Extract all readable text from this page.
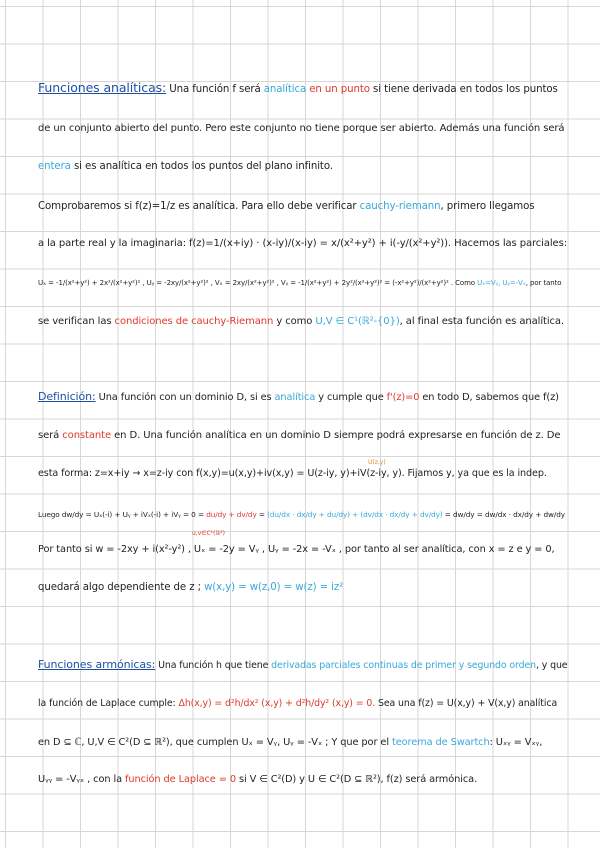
Funciones analíticas: Una función f será analítica en un punto si tiene derivada en todos los puntos
de un conjunto abierto del punto. Pero este conjunto no tiene porque ser abierto. Además una función será
entera si es analítica en todos los puntos del plano infinito.
Comprobaremos si f(z)=1/z es analítica. Para ello debe verificar cauchy-riemann, primero llegamos
a la parte real y la imaginaria: f(z)=1/(x+iy) · (x-iy)/(x-iy) = x/(x²+y²) + i(-y/(x²+y²)). Hacemos las parciales:
Uₓ = -1/(x²+y²) + 2x²/(x²+y²)² , Uᵧ = -2xy/(x²+y²)² , Vₓ = 2xy/(x²+y²)² , Vᵧ = -1/(x²+y²) + 2y²/(x²+y²)² = (-x²+y²)/(x²+y²)² . Como Uₓ=Vᵧ, Uᵧ=-Vₓ, por tanto
se verifican las condiciones de cauchy-Riemann y como U,V ∈ C¹(ℝ²-{0}), al final esta función es analítica.
Definición: Una función con un dominio D, si es analítica y cumple que f'(z)=0 en todo D, sabemos que f(z)
será constante en D. Una función analítica en un dominio D siempre podrá expresarse en función de z. De
U(z,y)
esta forma: z=x+iy → x=z-iy con f(x,y)=u(x,y)+iv(x,y) = U(z-iy, y)+iV(z-iy, y). Fijamos y, ya que es la indep.
Luego dw/dy = Uₓ(-i) + Uᵧ + iVₓ(-i) + iVᵧ = 0 = du/dy + dv/dy = (du/dx · dx/dy + du/dy) + (dv/dx · dx/dy + dv/dy) = dw/dy = dw/dx · dx/dy + dw/dy
u,v∈C¹(ℝ²)
Por tanto si w = -2xy + i(x²-y²) , Uₓ = -2y = Vᵧ , Uᵧ = -2x = -Vₓ , por tanto al ser analítica, con x = z e y = 0,
quedará algo dependiente de z ; w(x,y) = w(z,0) = w(z) = iz²
Funciones armónicas: Una función h que tiene derivadas parciales continuas de primer y segundo orden, y que
la función de Laplace cumple: Δh(x,y) = d²h/dx² (x,y) + d²h/dy² (x,y) = 0. Sea una f(z) = U(x,y) + V(x,y) analítica
en D ⊆ ℂ, U,V ∈ C²(D ⊆ ℝ²), que cumplen Uₓ = Vᵧ, Uᵧ = -Vₓ ; Y que por el teorema de Swartch: Uₓᵧ = Vₓᵧ,
Uᵧᵧ = -Vᵧₓ , con la función de Laplace = 0 si V ∈ C²(D) y U ∈ C²(D ⊆ ℝ²), f(z) será armónica.
